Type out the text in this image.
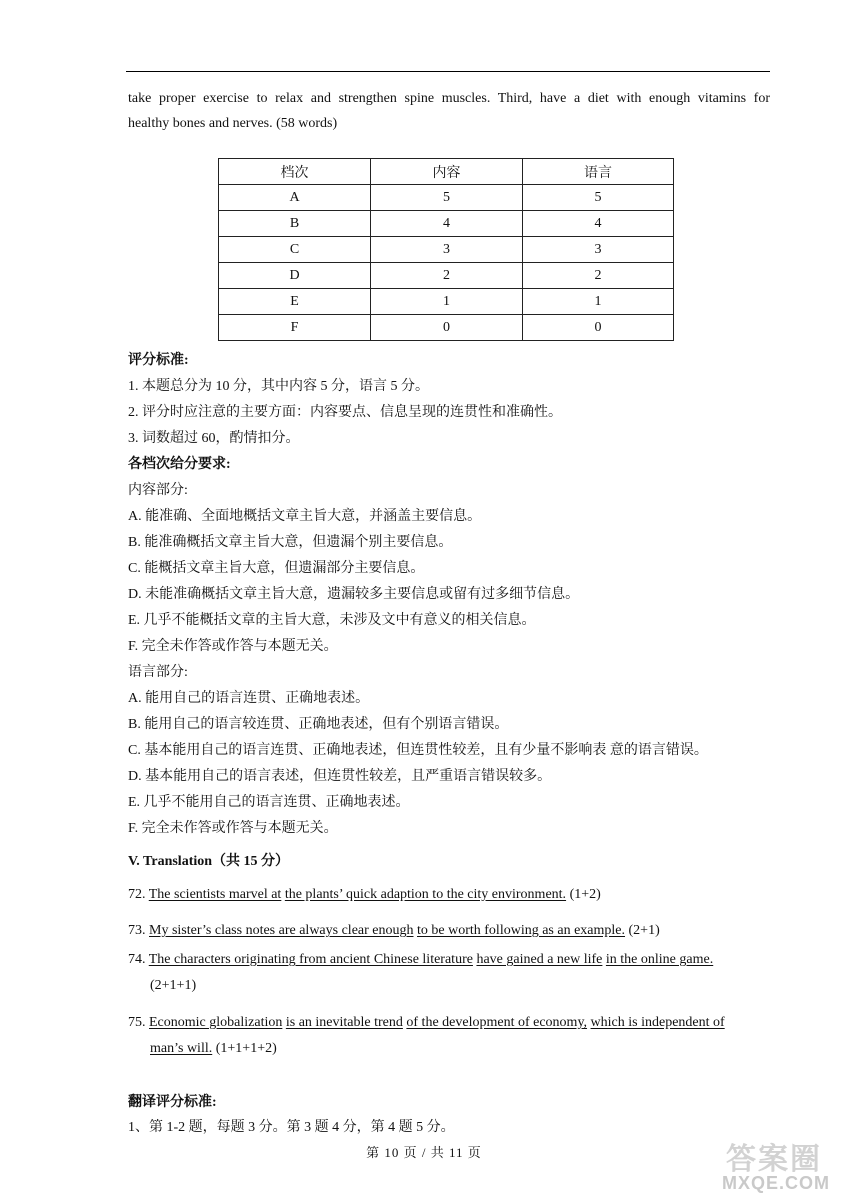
take proper exercise to relax and strengthen spine muscles. Third, have a diet with enough vitamins for
healthy bones and nerves. (58 words)
档次	内容	语言
A	5	5
B	4	4
C	3	3
D	2	2
E	1	1
F	0	0
评分标准:
1. 本题总分为 10 分，其中内容 5 分，语言 5 分。
2. 评分时应注意的主要方面：内容要点、信息呈现的连贯性和准确性。
3. 词数超过 60，酌情扣分。
各档次给分要求:
内容部分:
A. 能准确、全面地概括文章主旨大意，并涵盖主要信息。
B. 能准确概括文章主旨大意，但遗漏个别主要信息。
C. 能概括文章主旨大意，但遗漏部分主要信息。
D. 未能准确概括文章主旨大意，遗漏较多主要信息或留有过多细节信息。
E. 几乎不能概括文章的主旨大意，未涉及文中有意义的相关信息。
F. 完全未作答或作答与本题无关。
语言部分:
A. 能用自己的语言连贯、正确地表述。
B. 能用自己的语言较连贯、正确地表述，但有个别语言错误。
C. 基本能用自己的语言连贯、正确地表述，但连贯性较差，且有少量不影响表 意的语言错误。
D. 基本能用自己的语言表述，但连贯性较差，且严重语言错误较多。
E. 几乎不能用自己的语言连贯、正确地表述。
F. 完全未作答或作答与本题无关。
V. Translation（共 15 分）
72. The scientists marvel at the plants’ quick adaption to the city environment. (1+2)
73. My sister’s class notes are always clear enough to be worth following as an example. (2+1)
74. The characters originating from ancient Chinese literature have gained a new life in the online game.
(2+1+1)
75. Economic globalization is an inevitable trend of the development of economy, which is independent of
man’s will. (1+1+1+2)
翻译评分标准:
1、第 1-2 题，每题 3 分。第 3 题 4 分，第 4 题 5 分。
第 10 页 / 共 11 页	答案圈
MXQE.COM
